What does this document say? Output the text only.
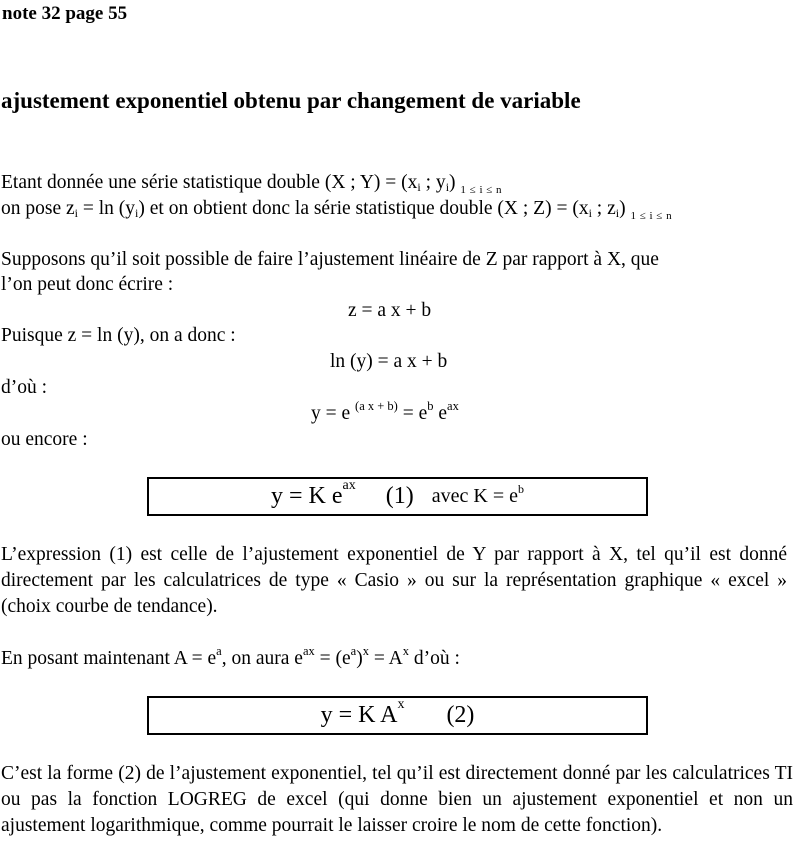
note 32 page 55
ajustement exponentiel obtenu par changement de variable
Etant donnée une série statistique double (X ; $Y) = (x_i$ ; $y_i$) $_{1 \le i \le n}$
on pose $z_i = \ln (y_i)$ et on obtient donc la série statistique double (X ; $Z) = (x_i$ ; $z_i$) $_{1 \le i \le n}$
Supposons qu’il soit possible de faire l’ajustement linéaire de Z par rapport à X, que
l’on peut donc écrire :
z = a x + b
Puisque z = ln (y), on a donc :
ln (y) = a x + b
d’où :
y = e $^{(a x + b)} = e^b$ $e^{ax}$
ou encore :
y = K $e^{ax}$ (1) avec $K = e^b$
L’expression (1) est celle de l’ajustement exponentiel de Y par rapport à X, tel qu’il est donné directement par les calculatrices de type « Casio » ou sur la représentation graphique « excel » (choix courbe de tendance).
En posant maintenant $A = e^a$, on aura $e^{ax} = (e^a)^x = A^x$ d’où :
y = K $A^x$ (2)
C’est la forme (2) de l’ajustement exponentiel, tel qu’il est directement donné par les calculatrices TI ou pas la fonction LOGREG de excel (qui donne bien un ajustement exponentiel et non un ajustement logarithmique, comme pourrait le laisser croire le nom de cette fonction).
